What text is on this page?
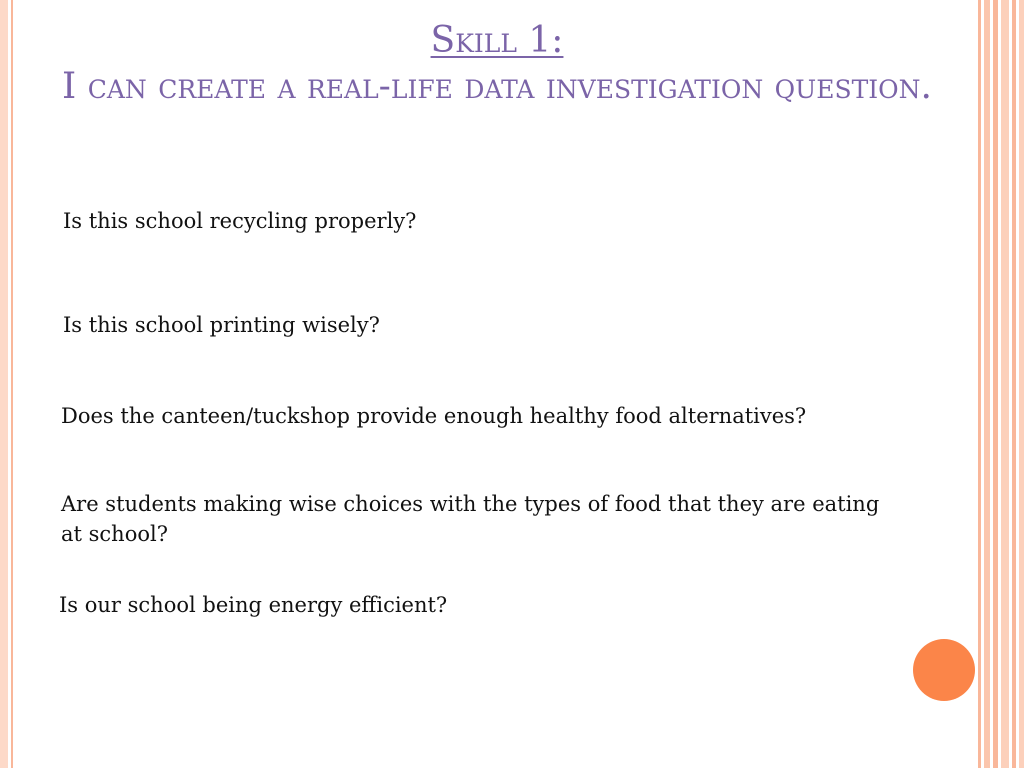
Skill 1:
I can create a real-life data investigation question.

Is this school recycling properly?

Is this school printing wisely?

Does the canteen/tuckshop provide enough healthy food alternatives?

Are students making wise choices with the types of food that they are eating at school?

Is our school being energy efficient?
